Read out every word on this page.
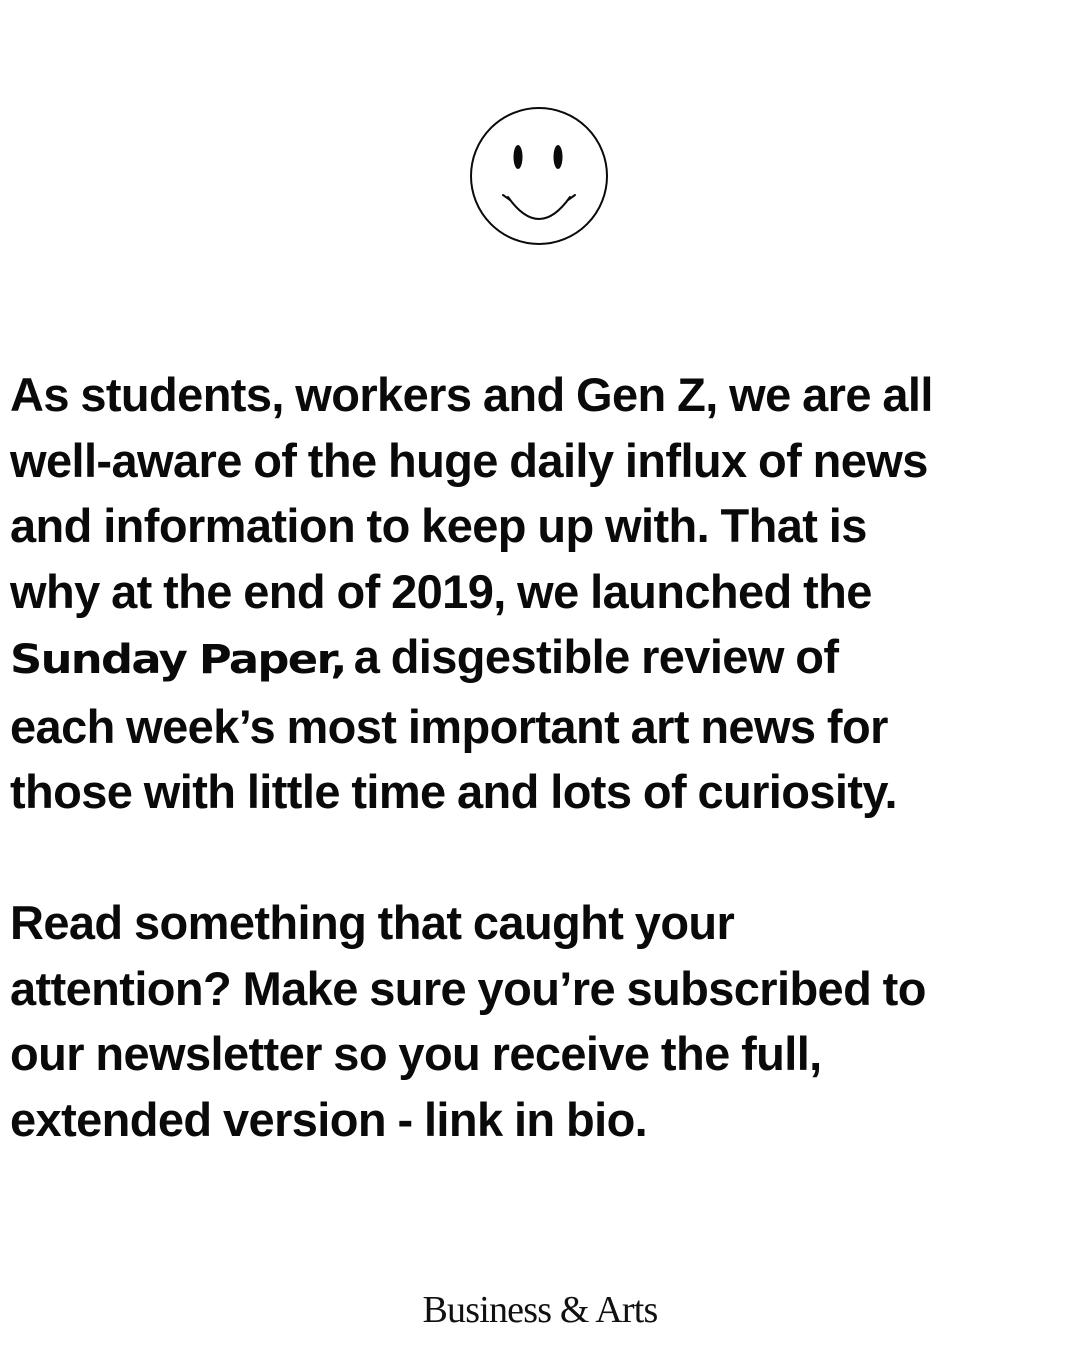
As students, workers and Gen Z, we are all
well-aware of the huge daily influx of news
and information to keep up with. That is
why at the end of 2019, we launched the
Sunday Paper, a disgestible review of
each week’s most important art news for
those with little time and lots of curiosity.
Read something that caught your
attention? Make sure you’re subscribed to
our newsletter so you receive the full,
extended version - link in bio.
Business & Arts
